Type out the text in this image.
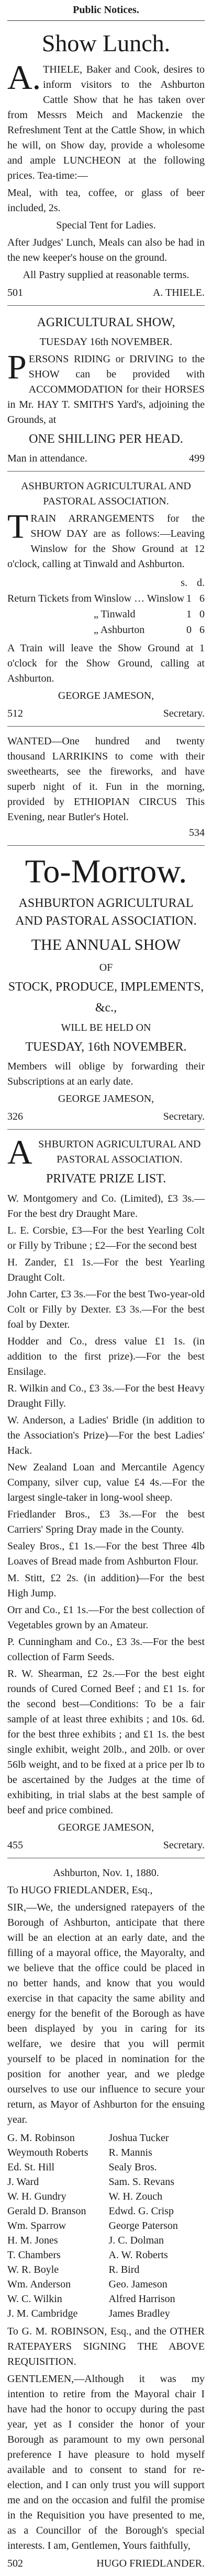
Public Notices.
Show Lunch.

A.THIELE, Baker and Cook, desires to inform visitors to the Ashburton Cattle Show that he has taken over from Messrs Meich and Mackenzie the Refreshment Tent at the Cattle Show, in which he will, on Show day, provide a wholesome and ample LUNCHEON at the following prices. Tea-time:—

Meal, with tea, coffee, or glass of beer included, 2s.

Special Tent for Ladies.

After Judges' Lunch, Meals can also be had in the new keeper's house on the ground.

All Pastry supplied at reasonable terms.

501	A. THIELE.
AGRICULTURAL SHOW,
TUESDAY 16th NOVEMBER.

PERSONS RIDING or DRIVING to the SHOW can be provided with ACCOMMODATION for their HORSES in Mr. HAY T. SMITH'S Yard's, adjoining the Grounds, at

ONE SHILLING PER HEAD.
Man in attendance.	499
ASHBURTON AGRICULTURAL AND PASTORAL ASSOCIATION.

TRAIN ARRANGEMENTS for the SHOW DAY are as follows:—Leaving Winslow for the Show Ground at 12 o'clock, calling at Tinwald and Ashburton.

s. d.
Return Tickets from Winslow … Winslow 1 6
„ Tinwald	1 0
„ Ashburton	0 6

A Train will leave the Show Ground at 1 o'clock for the Show Ground, calling at Ashburton.

GEORGE JAMESON,
512	Secretary.

WANTED—One hundred and twenty thousand LARRIKINS to come with their sweethearts, see the fireworks, and have superb night of it. Fun in the morning, provided by ETHIOPIAN CIRCUS This Evening, near Butler's Hotel.

534
To-Morrow.
ASHBURTON AGRICULTURAL AND PASTORAL ASSOCIATION.
THE ANNUAL SHOW
OF
STOCK, PRODUCE, IMPLEMENTS,
&c.,
WILL BE HELD ON
TUESDAY, 16th NOVEMBER.

Members will oblige by forwarding their Subscriptions at an early date.

GEORGE JAMESON,
326	Secretary.

ASHBURTON AGRICULTURAL AND PASTORAL ASSOCIATION.

PRIVATE PRIZE LIST.

W. Montgomery and Co. (Limited), £3 3s.—For the best dry Draught Mare.

L. E. Corsbie, £3—For the best Yearling Colt or Filly by Tribune ; £2—For the second best

H. Zander, £1 1s.—For the best Yearling Draught Colt.

John Carter, £3 3s.—For the best Two-year-old Colt or Filly by Dexter. £3 3s.—For the best foal by Dexter.

Hodder and Co., dress value £1 1s. (in addition to the first prize).—For the best Ensilage.

R. Wilkin and Co., £3 3s.—For the best Heavy Draught Filly.

W. Anderson, a Ladies' Bridle (in addition to the Association's Prize)—For the best Ladies' Hack.

New Zealand Loan and Mercantile Agency Company, silver cup, value £4 4s.—For the largest single-taker in long-wool sheep.

Friedlander Bros., £3 3s.—For the best Carriers' Spring Dray made in the County.

Sealey Bros., £1 1s.—For the best Three 4lb Loaves of Bread made from Ashburton Flour.

M. Stitt, £2 2s. (in addition)—For the best High Jump.

Orr and Co., £1 1s.—For the best collection of Vegetables grown by an Amateur.

P. Cunningham and Co., £3 3s.—For the best collection of Farm Seeds.

R. W. Shearman, £2 2s.—For the best eight rounds of Cured Corned Beef ; and £1 1s. for the second best—Conditions: To be a fair sample of at least three exhibits ; and 10s. 6d. for the best three exhibits ; and £1 1s. the best single exhibit, weight 20lb., and 20lb. or over 56lb weight, and to be fixed at a price per lb to be ascertained by the Judges at the time of exhibiting, in trial slabs at the best sample of beef and price combined.

GEORGE JAMESON,
455	Secretary.
Ashburton, Nov. 1, 1880.
To HUGO FRIEDLANDER, Esq.,

SIR,—We, the undersigned ratepayers of the Borough of Ashburton, anticipate that there will be an election at an early date, and the filling of a mayoral office, the Mayoralty, and we believe that the office could be placed in no better hands, and know that you would exercise in that capacity the same ability and energy for the benefit of the Borough as have been displayed by you in caring for its welfare, we desire that you will permit yourself to be placed in nomination for the position for another year, and we pledge ourselves to use our influence to secure your return, as Mayor of Ashburton for the ensuing year.

G. M. Robinson	Joshua Tucker
Weymouth Roberts	R. Mannis
Ed. St. Hill	Sealy Bros.
J. Ward	Sam. S. Revans
W. H. Gundry	W. H. Zouch
Gerald D. Branson	Edwd. G. Crisp
Wm. Sparrow	George Paterson
H. M. Jones	J. C. Dolman
T. Chambers	A. W. Roberts
W. R. Boyle	R. Bird
Wm. Anderson	Geo. Jameson
W. C. Wilkin	Alfred Harrison
J. M. Cambridge	James Bradley

To G. M. ROBINSON, Esq., and the OTHER RATEPAYERS SIGNING THE ABOVE REQUISITION.

GENTLEMEN,—Although it was my intention to retire from the Mayoral chair I have had the honor to occupy during the past year, yet as I consider the honor of your Borough as paramount to my own personal preference I have pleasure to hold myself available and to consent to stand for re-election, and I can only trust you will support me and on the occasion and fulfil the promise in the Requisition you have presented to me, as a Councillor of the Borough's special interests. I am, Gentlemen, Yours faithfully,

502	HUGO FRIEDLANDER.
